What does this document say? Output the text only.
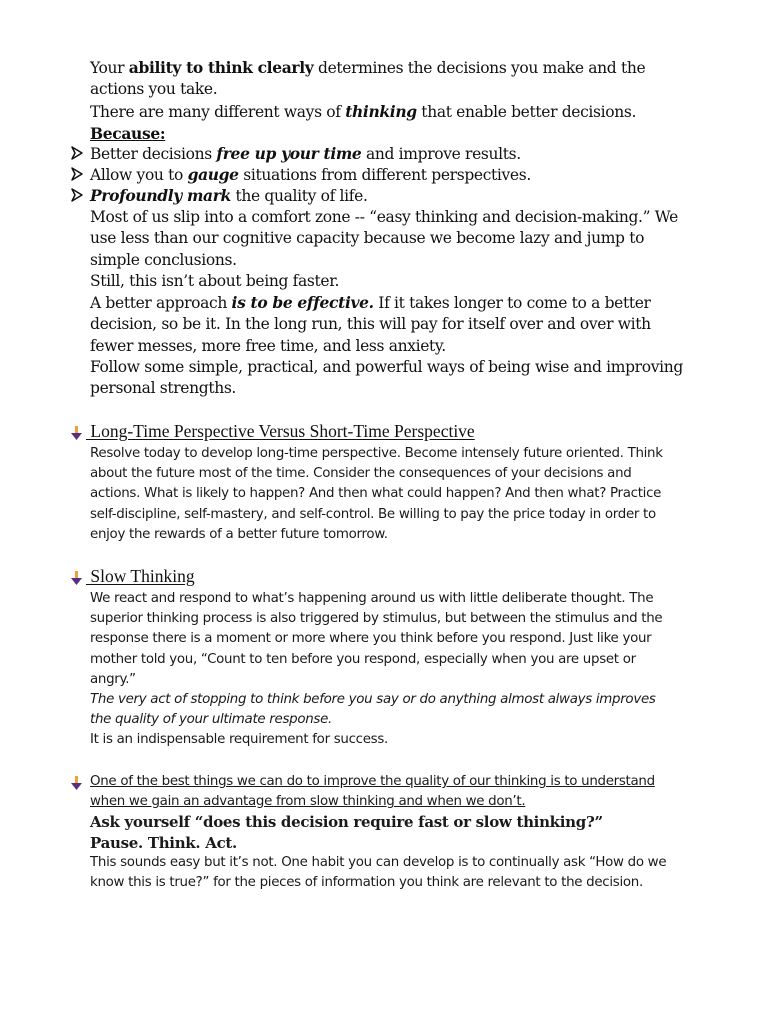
Your ability to think clearly determines the decisions you make and the actions you take.

There are many different ways of thinking that enable better decisions.

Because:

Better decisions free up your time and improve results.
Allow you to gauge situations from different perspectives.
Profoundly mark the quality of life.

Most of us slip into a comfort zone -- “easy thinking and decision-making.” We use less than our cognitive capacity because we become lazy and jump to simple conclusions.

Still, this isn’t about being faster.

A better approach is to be effective. If it takes longer to come to a better decision, so be it. In the long run, this will pay for itself over and over with fewer messes, more free time, and less anxiety.

Follow some simple, practical, and powerful ways of being wise and improving personal strengths.

Long-Time Perspective Versus Short-Time Perspective

Resolve today to develop long-time perspective. Become intensely future oriented. Think about the future most of the time. Consider the consequences of your decisions and actions. What is likely to happen? And then what could happen? And then what? Practice self-discipline, self-mastery, and self-control. Be willing to pay the price today in order to enjoy the rewards of a better future tomorrow.

Slow Thinking

We react and respond to what’s happening around us with little deliberate thought. The superior thinking process is also triggered by stimulus, but between the stimulus and the response there is a moment or more where you think before you respond. Just like your mother told you, “Count to ten before you respond, especially when you are upset or angry.”

The very act of stopping to think before you say or do anything almost always improves the quality of your ultimate response.

It is an indispensable requirement for success.

One of the best things we can do to improve the quality of our thinking is to understand when we gain an advantage from slow thinking and when we don’t.
Ask yourself “does this decision require fast or slow thinking?”
Pause. Think. Act.
This sounds easy but it’s not. One habit you can develop is to continually ask “How do we know this is true?” for the pieces of information you think are relevant to the decision.
